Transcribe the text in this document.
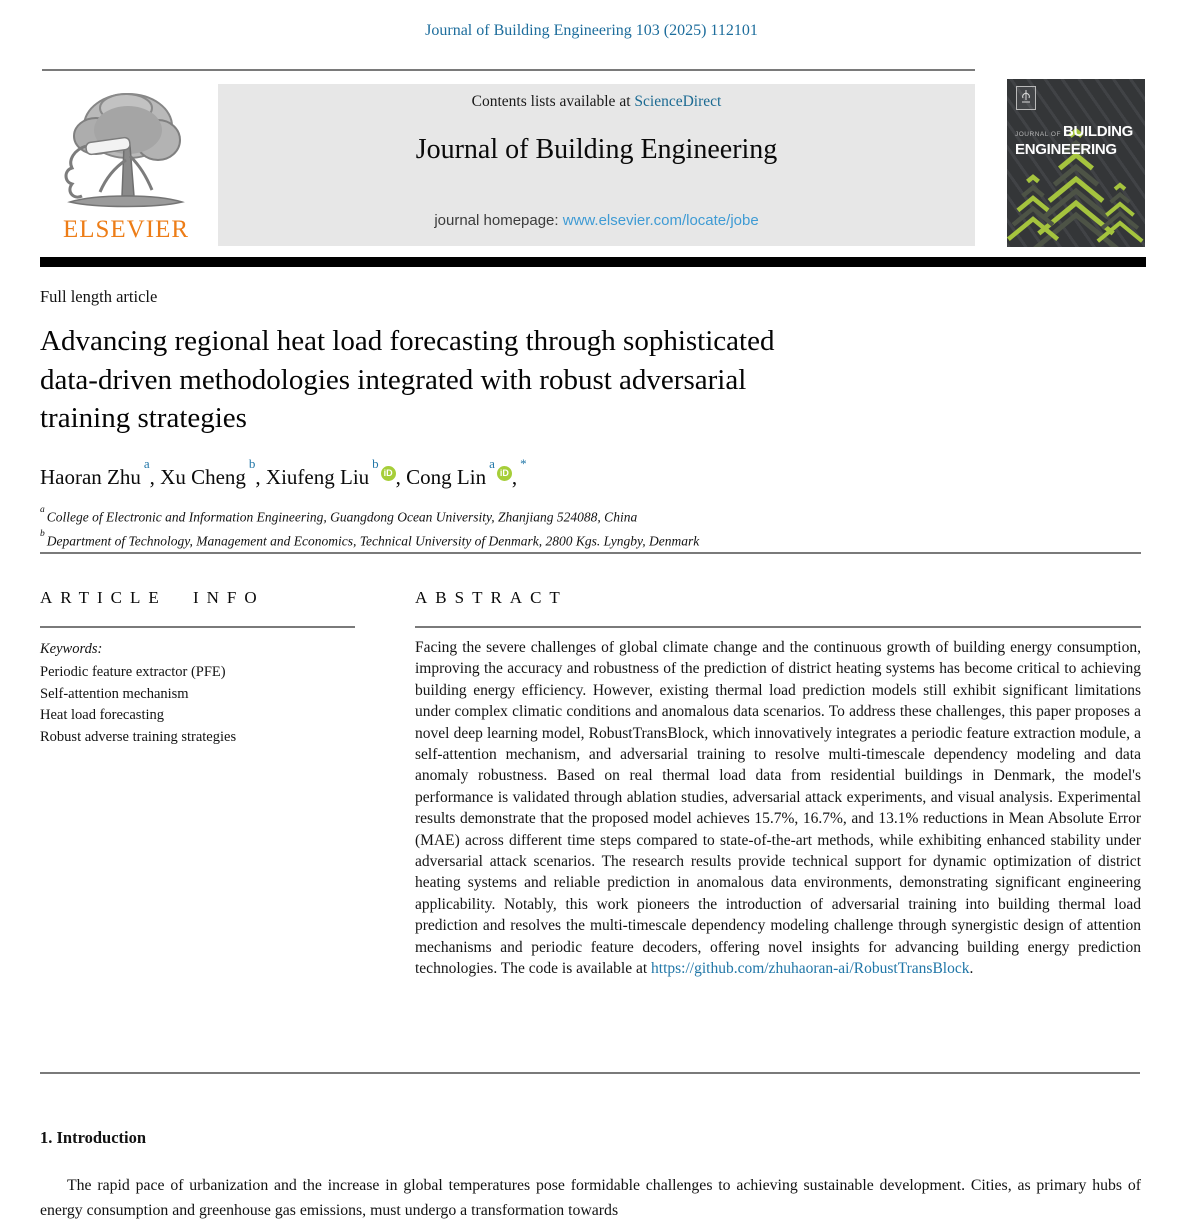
Journal of Building Engineering 103 (2025) 112101
ELSEVIER
Contents lists available at ScienceDirect
Journal of Building Engineering
journal homepage: www.elsevier.com/locate/jobe
JOURNAL OF BUILDING
ENGINEERING
Full length article
Advancing regional heat load forecasting through sophisticated
data-driven methodologies integrated with robust adversarial
training strategies
Haoran Zhu$^a$, Xu Cheng$^b$, Xiufeng Liu$^b$iD , Cong Lin$^a$iD ,*
$^a$ College of Electronic and Information Engineering, Guangdong Ocean University, Zhanjiang 524088, China
$^b$ Department of Technology, Management and Economics, Technical University of Denmark, 2800 Kgs. Lyngby, Denmark
ARTICLE INFO
Keywords:
Periodic feature extractor (PFE)
Self-attention mechanism
Heat load forecasting
Robust adverse training strategies
ABSTRACT
Facing the severe challenges of global climate change and the continuous growth of building energy consumption, improving the accuracy and robustness of the prediction of district heating systems has become critical to achieving building energy efficiency. However, existing thermal load prediction models still exhibit significant limitations under complex climatic conditions and anomalous data scenarios. To address these challenges, this paper proposes a novel deep learning model, RobustTransBlock, which innovatively integrates a periodic feature extraction module, a self-attention mechanism, and adversarial training to resolve multi-timescale dependency modeling and data anomaly robustness. Based on real thermal load data from residential buildings in Denmark, the model's performance is validated through ablation studies, adversarial attack experiments, and visual analysis. Experimental results demonstrate that the proposed model achieves 15.7%, 16.7%, and 13.1% reductions in Mean Absolute Error (MAE) across different time steps compared to state-of-the-art methods, while exhibiting enhanced stability under adversarial attack scenarios. The research results provide technical support for dynamic optimization of district heating systems and reliable prediction in anomalous data environments, demonstrating significant engineering applicability. Notably, this work pioneers the introduction of adversarial training into building thermal load prediction and resolves the multi-timescale dependency modeling challenge through synergistic design of attention mechanisms and periodic feature decoders, offering novel insights for advancing building energy prediction technologies. The code is available at https://github.com/zhuhaoran-ai/RobustTransBlock.
1. Introduction
The rapid pace of urbanization and the increase in global temperatures pose formidable challenges to achieving sustainable development. Cities, as primary hubs of energy consumption and greenhouse gas emissions, must undergo a transformation towards
